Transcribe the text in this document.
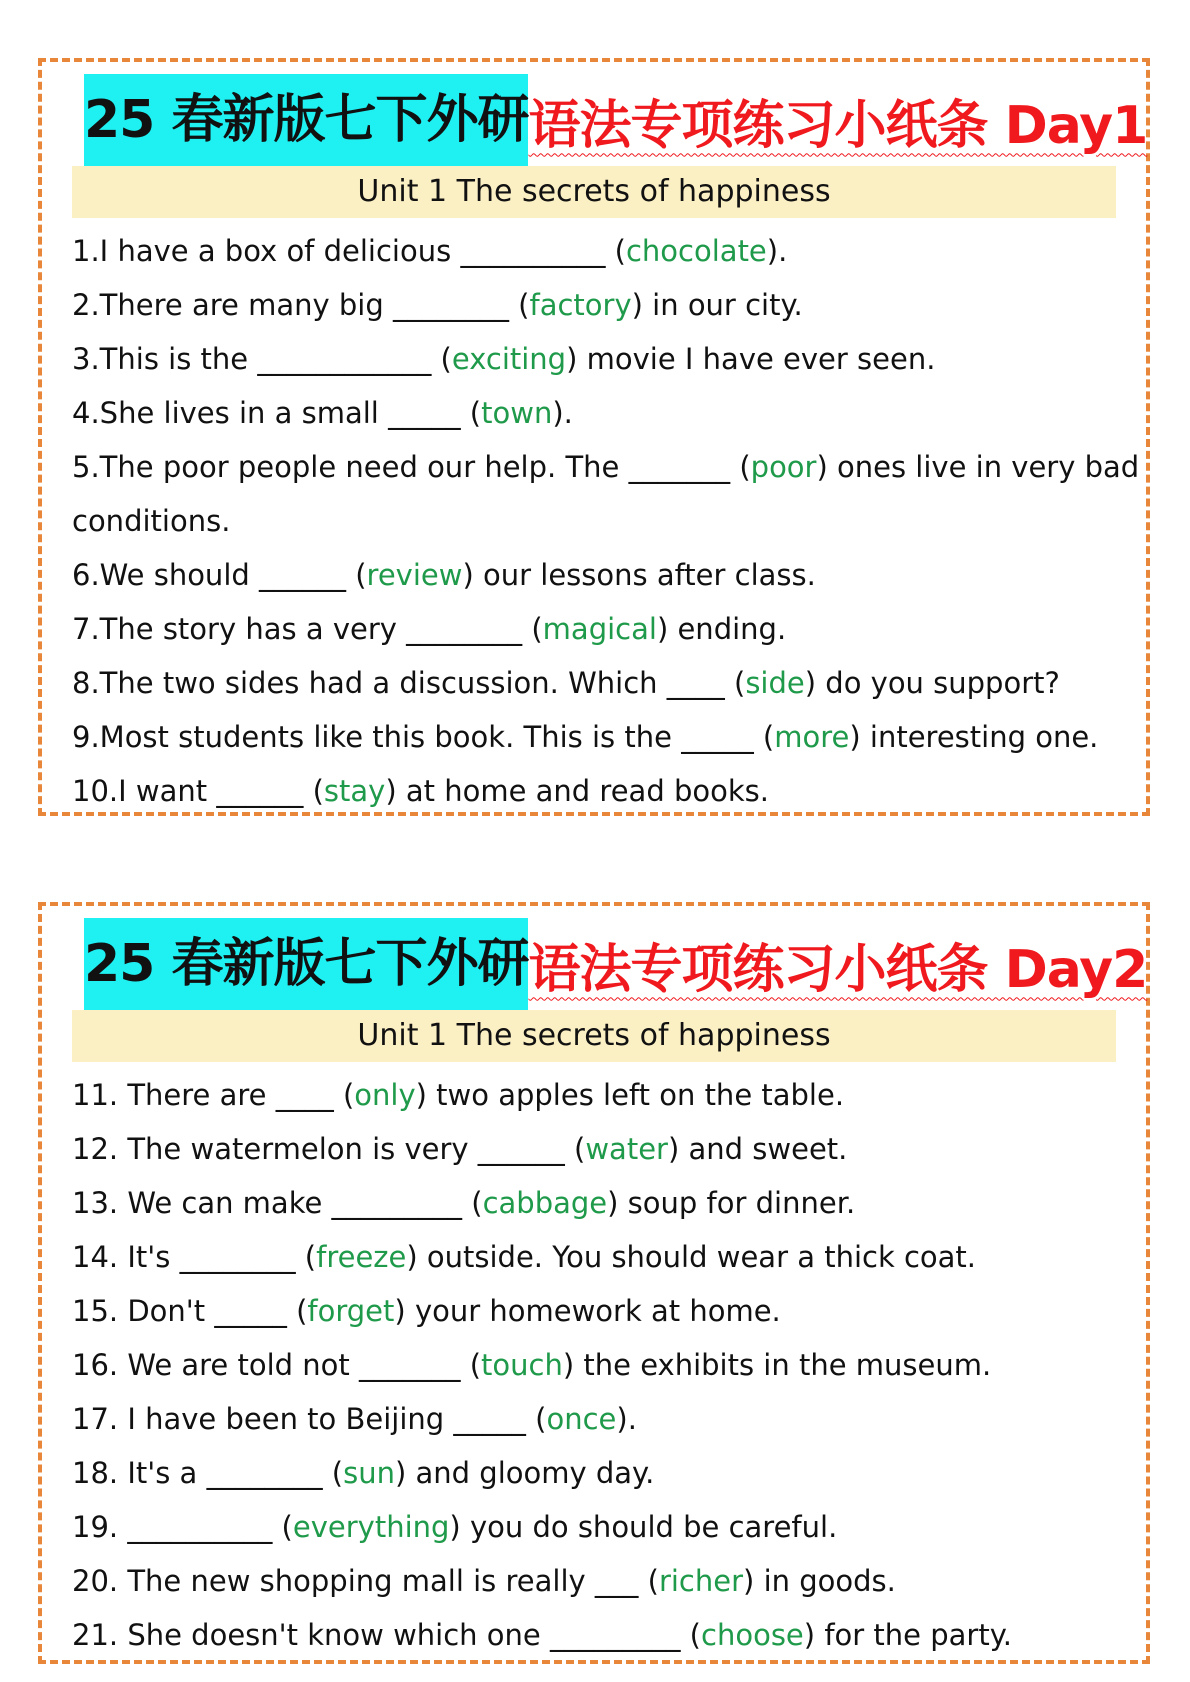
25 春新版七下外研 语法专项练习小纸条 Day1
Unit 1 The secrets of happiness
1.I have a box of delicious __________ (chocolate).
2.There are many big ________ (factory) in our city.
3.This is the ____________ (exciting) movie I have ever seen.
4.She lives in a small _____ (town).
5.The poor people need our help. The _______ (poor) ones live in very bad
conditions.
6.We should ______ (review) our lessons after class.
7.The story has a very ________ (magical) ending.
8.The two sides had a discussion. Which ____ (side) do you support?
9.Most students like this book. This is the _____ (more) interesting one.
10.I want ______ (stay) at home and read books.
25 春新版七下外研 语法专项练习小纸条 Day2
Unit 1 The secrets of happiness
11. There are ____ (only) two apples left on the table.
12. The watermelon is very ______ (water) and sweet.
13. We can make _________ (cabbage) soup for dinner.
14. It's ________ (freeze) outside. You should wear a thick coat.
15. Don't _____ (forget) your homework at home.
16. We are told not _______ (touch) the exhibits in the museum.
17. I have been to Beijing _____ (once).
18. It's a ________ (sun) and gloomy day.
19. __________ (everything) you do should be careful.
20. The new shopping mall is really ___ (richer) in goods.
21. She doesn't know which one _________ (choose) for the party.
